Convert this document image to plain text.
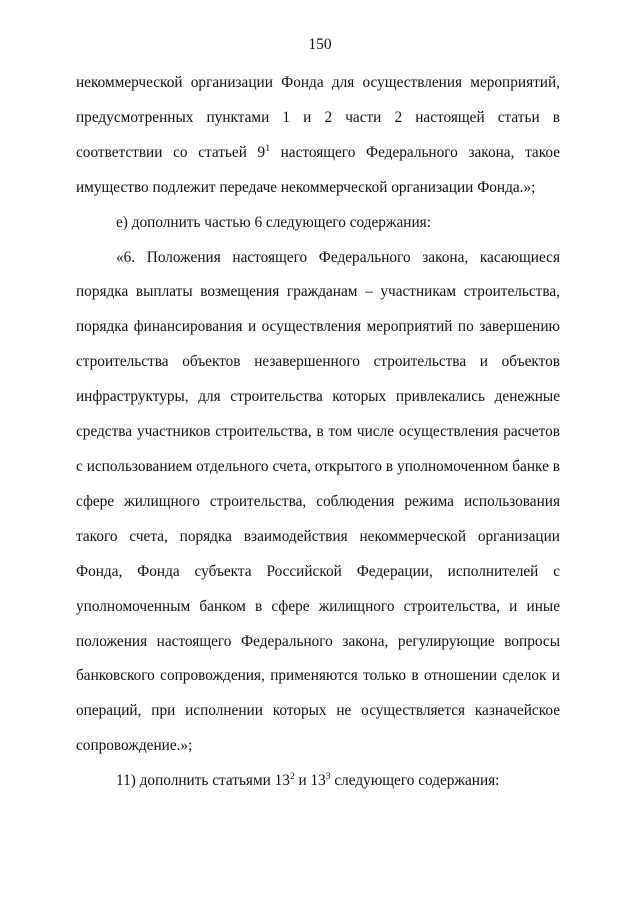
150

некоммерческой организации Фонда для осуществления мероприятий, предусмотренных пунктами 1 и 2 части 2 настоящей статьи в соответствии со статьей $9^1$ настоящего Федерального закона, такое имущество подлежит передаче некоммерческой организации Фонда.»;

е) дополнить частью 6 следующего содержания:

«6. Положения настоящего Федерального закона, касающиеся порядка выплаты возмещения гражданам – участникам строительства, порядка финансирования и осуществления мероприятий по завершению строительства объектов незавершенного строительства и объектов инфраструктуры, для строительства которых привлекались денежные средства участников строительства, в том числе осуществления расчетов с использованием отдельного счета, открытого в уполномоченном банке в сфере жилищного строительства, соблюдения режима использования такого счета, порядка взаимодействия некоммерческой организации Фонда, Фонда субъекта Российской Федерации, исполнителей с уполномоченным банком в сфере жилищного строительства, и иные положения настоящего Федерального закона, регулирующие вопросы банковского сопровождения, применяются только в отношении сделок и операций, при исполнении которых не осуществляется казначейское сопровождение.»;

11) дополнить статьями $13^2$ и $13^3$ следующего содержания:
